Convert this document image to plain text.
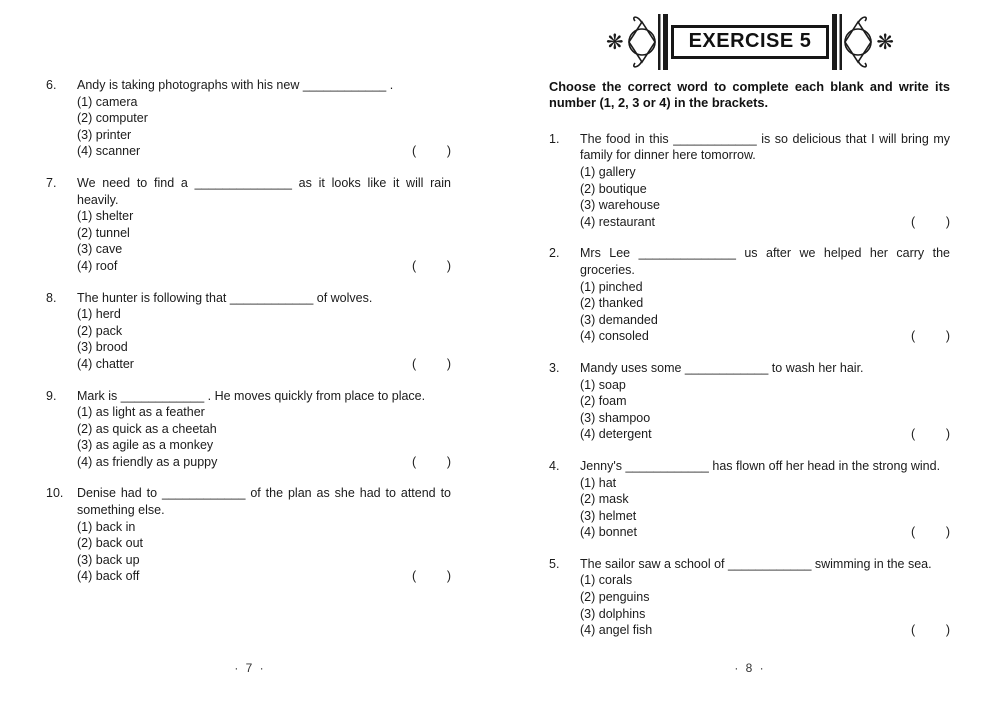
❋	EXERCISE 5	❋
6.	Andy is taking photographs with his new ____________ .
(1) camera
(2) computer
(3) printer
(4) scanner	( )
7.	We need to find a ______________ as it looks like it will rain heavily.
(1) shelter
(2) tunnel
(3) cave
(4) roof	( )
8.	The hunter is following that ____________ of wolves.
(1) herd
(2) pack
(3) brood
(4) chatter	( )
9.	Mark is ____________ . He moves quickly from place to place.
(1) as light as a feather
(2) as quick as a cheetah
(3) as agile as a monkey
(4) as friendly as a puppy	( )
10.	Denise had to ____________ of the plan as she had to attend to something else.
(1) back in
(2) back out
(3) back up
(4) back off	( )
Choose the correct word to complete each blank and write its number (1, 2, 3 or 4) in the brackets.
1.	The food in this ____________ is so delicious that I will bring my family for dinner here tomorrow.
(1) gallery
(2) boutique
(3) warehouse
(4) restaurant	( )
2.	Mrs Lee ______________ us after we helped her carry the groceries.
(1) pinched
(2) thanked
(3) demanded
(4) consoled	( )
3.	Mandy uses some ____________ to wash her hair.
(1) soap
(2) foam
(3) shampoo
(4) detergent	( )
4.	Jenny's ____________ has flown off her head in the strong wind.
(1) hat
(2) mask
(3) helmet
(4) bonnet	( )
5.	The sailor saw a school of ____________ swimming in the sea.
(1) corals
(2) penguins
(3) dolphins
(4) angel fish	( )
· 7 ·	· 8 ·
